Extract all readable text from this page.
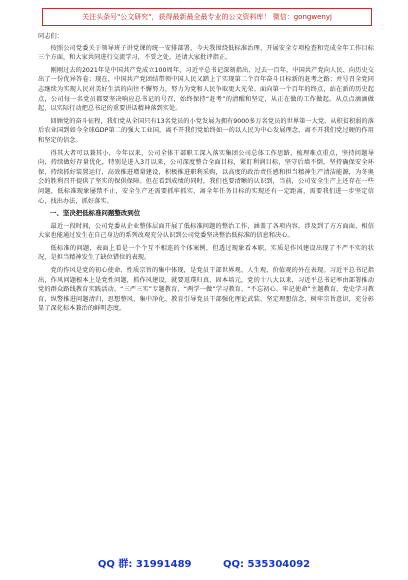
关注头条号"公文研究"，获得最新最全最专业的公文资料库！ 微信：gongwenyj

同志们：

按照公司党委关于领导班子讲党课的统一安排部署，今天我围绕低标准治理、开展安全专项检查和完成全年工作目标三个方面，和大家共同进行交流学习，不妥之处，还请大家批评指正。

刚刚过去的2021年是中国共产党成立100周年，习近平总书记深刻指出，过去一百年，中国共产党向人民、向历史交出了一份优异答卷；现在，中国共产党团结带领中国人民又踏上了实现第二个百年奋斗目标新的赶考之路；并号召全党同志继续为实现人民对美好生活的向往不懈努力，努力为党和人民争取更大光荣。面向第一个百年的终点，站在新的历史起点，公司每一名党员都要坚决响应总书记的号召，始终保持“赶考”的清醒和坚定，从正在做的工作做起，从点点滴滴做起，以实际行动把总书记的重要讲话精神落到实处。

回顾党的奋斗征程，我们党从全国只有13名党员的小党发展为拥有9000多万名党员的世界第一大党，从积贫积弱的落后农业国到如今全球GDP第二的强大工业国，离不开我们党始终如一的以人民为中心发展理念，离不开我们党过硬的作用和坚定的信念。

得其大者可以兼其小，今年以来，公司全体干部职工深入落实集团公司总体工作思路，梳理难点重点，坚持问题导向，持续做好存量优化，特别是进入3月以来，公司深度整合全面目标，紧盯利润目标，坚守后墙不倒，坚持确保安全环保，持续抓好装置运行，高效推进增量建设，积极推进职利采购，以高度的政治责任感和担当精神生产清洁能源，为冬奥会的胜利召开提供了坚实的保供保障。但在看到成绩的同时，我们也要清晰的认识到，当前，公司安全生产上还存在一些问题，低标准现象屡禁不止，安全生产还需要抓牢抓实，离全年任务目标的实现还有一定距离，需要我们进一步坚定信心，找出办法，抓好落实。

一、坚决把低标准问题整改到位

最近一段时间，公司党委从企业整体层面开展了低标准问题的整治工作，涵盖了各项内容，涉及到了方方面面，相信大家也能通过发生在自己身边的系列改观充分认识到公司党委坚决整治低标准的信息和决心。

低标准的问题，表面上看是一个个互不相连的个体案例，但透过现象看本职，实质是作风建设出现了不严不实的状况，是担当精神发生了缺位错位的表现。

党的作风是党的初心使命、性质宗旨的集中体现，是党员干部世界观、人生观、价值观的外在表现。习近平总书记指出，作风问题根本上是党性问题，抓作风建设，就要返璞归真、固本培元，党的十八大以来，习近平总书记率由部署推动党的群众路线教育实践活动、“三严三实”专题教育、“两学一做”学习教育、“不忘初心、牢记使命”主题教育、党史学习教育，纵警推进问题清归，思想整风、集中净化、教育引导党员干部强化理论武装、坚定理想信念、树牢宗旨意识，充分彰显了深化标本兼治的鲜明态度。

QQ 群: 31991489	QQ: 535304092
